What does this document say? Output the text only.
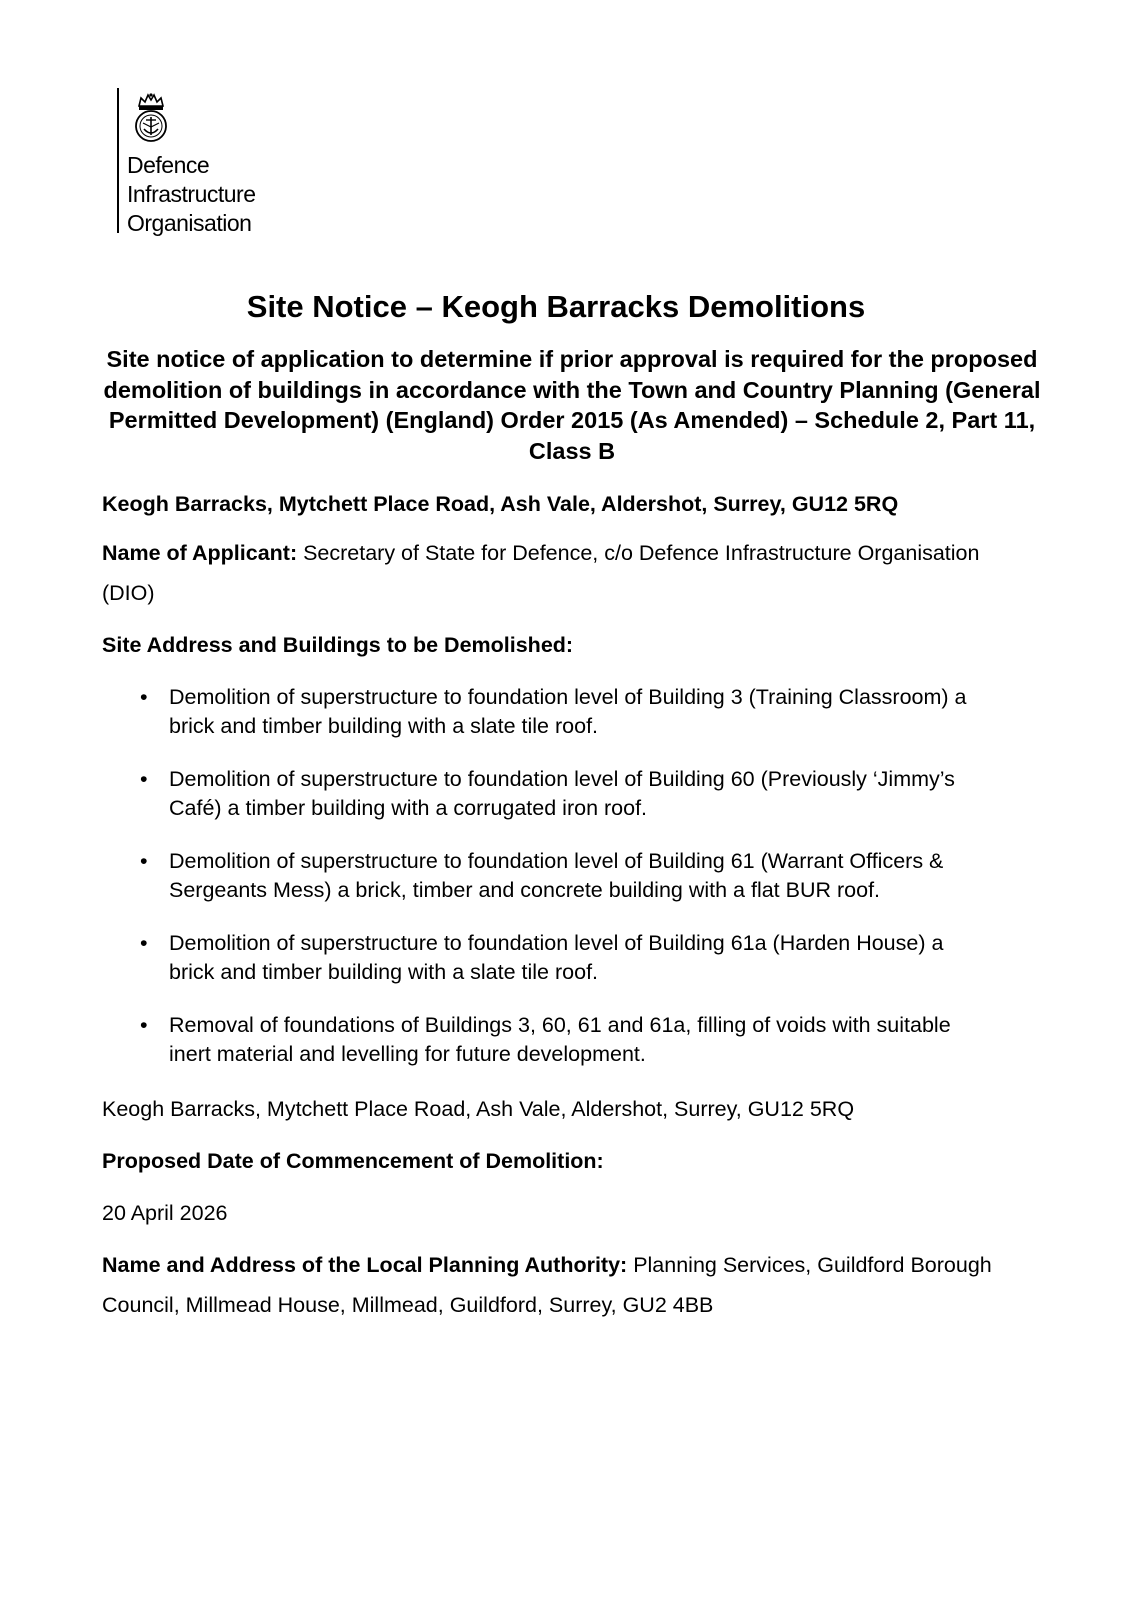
Defence
Infrastructure
Organisation
Site Notice – Keogh Barracks Demolitions
Site notice of application to determine if prior approval is required for the proposed demolition of buildings in accordance with the Town and Country Planning (General Permitted Development) (England) Order 2015 (As Amended) – Schedule 2, Part 11, Class B

Keogh Barracks, Mytchett Place Road, Ash Vale, Aldershot, Surrey, GU12 5RQ

Name of Applicant: Secretary of State for Defence, c/o Defence Infrastructure Organisation (DIO)

Site Address and Buildings to be Demolished:

• Demolition of superstructure to foundation level of Building 3 (Training Classroom) a brick and timber building with a slate tile roof.
• Demolition of superstructure to foundation level of Building 60 (Previously ‘Jimmy’s Café) a timber building with a corrugated iron roof.
• Demolition of superstructure to foundation level of Building 61 (Warrant Officers & Sergeants Mess) a brick, timber and concrete building with a flat BUR roof.
• Demolition of superstructure to foundation level of Building 61a (Harden House) a brick and timber building with a slate tile roof.
• Removal of foundations of Buildings 3, 60, 61 and 61a, filling of voids with suitable inert material and levelling for future development.

Keogh Barracks, Mytchett Place Road, Ash Vale, Aldershot, Surrey, GU12 5RQ

Proposed Date of Commencement of Demolition:

20 April 2026

Name and Address of the Local Planning Authority: Planning Services, Guildford Borough Council, Millmead House, Millmead, Guildford, Surrey, GU2 4BB
